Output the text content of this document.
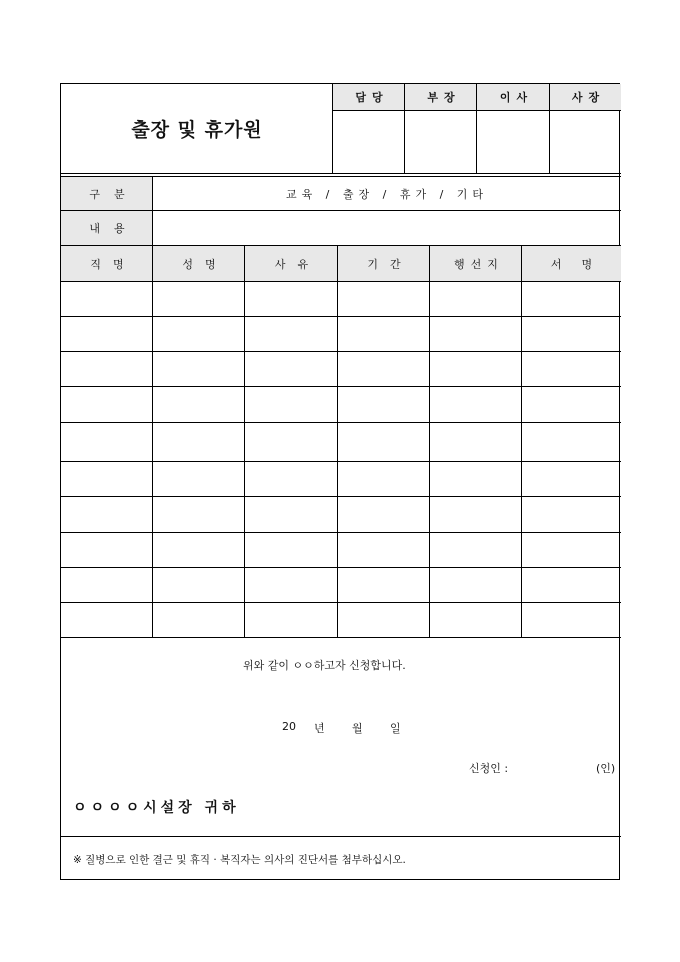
출장 및 휴가원
담당	부장	이사	사장
구분	교육 / 출장 / 휴가 / 기타
내용
직명	성명	사유	기간	행선지	서명
위와 같이 ㅇㅇ하고자 신청합니다.
20 년 월 일
신청인 :	(인)
ㅇㅇㅇㅇ시설장 귀하
※ 질병으로 인한 결근 및 휴직 · 복직자는 의사의 진단서를 첨부하십시오.
